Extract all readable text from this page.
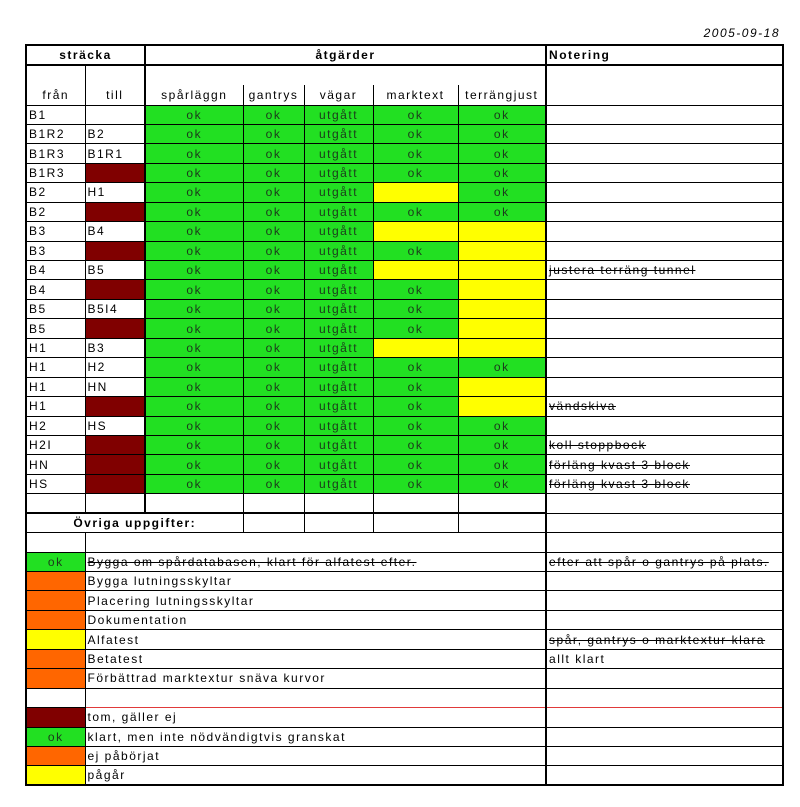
2005-09-18
sträcka		åtgärder					Notering
från	till						
		spårläggn	gantrys	vägar	marktext	terrängjust	
B1		ok	ok	utgått	ok	ok	
B1R2	B2	ok	ok	utgått	ok	ok	
B1R3	B1R1	ok	ok	utgått	ok	ok	
B1R3		ok	ok	utgått	ok	ok	
B2	H1	ok	ok	utgått		ok	
B2		ok	ok	utgått	ok	ok	
B3	B4	ok	ok	utgått			
B3		ok	ok	utgått	ok		
B4	B5	ok	ok	utgått			justera terräng tunnel
B4		ok	ok	utgått	ok		
B5	B5I4	ok	ok	utgått	ok		
B5		ok	ok	utgått	ok		
H1	B3	ok	ok	utgått			
H1	H2	ok	ok	utgått	ok	ok	
H1	HN	ok	ok	utgått	ok		
H1		ok	ok	utgått	ok		vändskiva
H2	HS	ok	ok	utgått	ok	ok	
H2I		ok	ok	utgått	ok	ok	koll stoppbock
HN		ok	ok	utgått	ok	ok	förläng kvast 3 block
HS		ok	ok	utgått	ok	ok	förläng kvast 3 block

Övriga uppgifter:							

ok	Bygga om spårdatabasen, klart för alfatest efter.						efter att spår o gantrys på plats.
	Bygga lutningsskyltar						
	Placering lutningsskyltar						
	Dokumentation						
	Alfatest						spår, gantrys o marktextur klara
	Betatest						allt klart
	Förbättrad marktextur snäva kurvor						

	tom, gäller ej						
ok	klart, men inte nödvändigtvis granskat						
	ej påbörjat						
	pågår						
